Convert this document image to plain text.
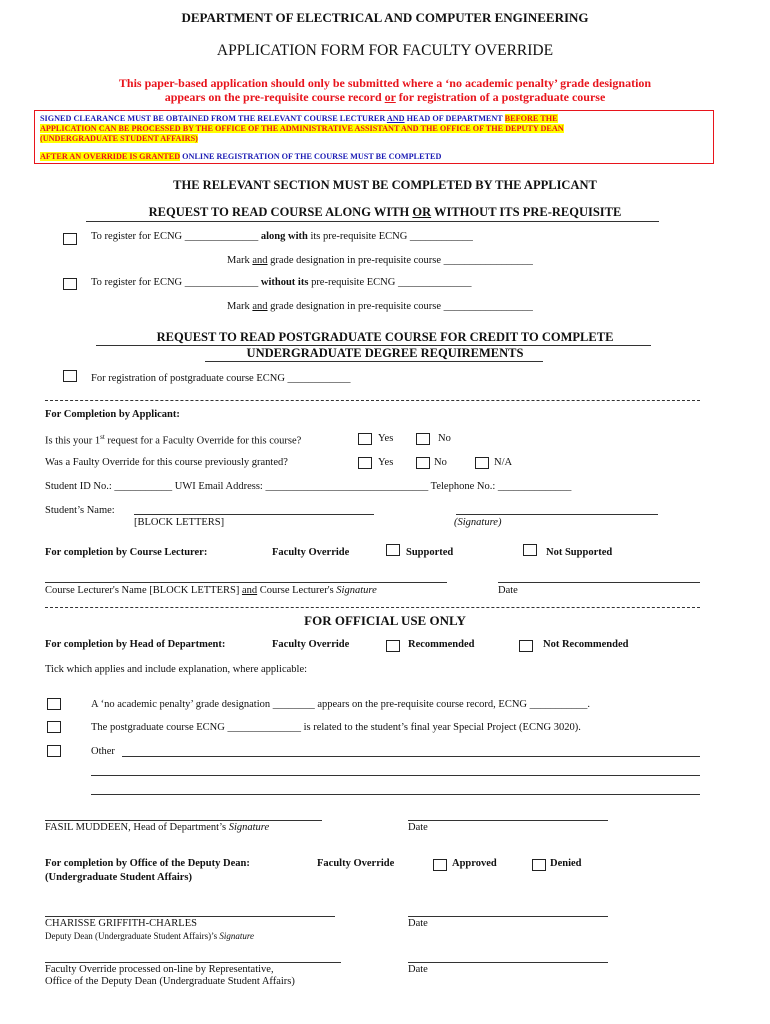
DEPARTMENT OF ELECTRICAL AND COMPUTER ENGINEERING
APPLICATION FORM FOR FACULTY OVERRIDE
This paper-based application should only be submitted where a ‘no academic penalty’ grade designation
appears on the pre-requisite course record or for registration of a postgraduate course
SIGNED CLEARANCE MUST BE OBTAINED FROM THE RELEVANT COURSE LECTURER AND HEAD OF DEPARTMENT BEFORE THE
APPLICATION CAN BE PROCESSED BY THE OFFICE OF THE ADMINISTRATIVE ASSISTANT AND THE OFFICE OF THE DEPUTY DEAN
(UNDERGRADUATE STUDENT AFFAIRS)
AFTER AN OVERRIDE IS GRANTED ONLINE REGISTRATION OF THE COURSE MUST BE COMPLETED
THE RELEVANT SECTION MUST BE COMPLETED BY THE APPLICANT
REQUEST TO READ COURSE ALONG WITH OR WITHOUT ITS PRE-REQUISITE
To register for ECNG ______________ along with its pre-requisite ECNG ____________
Mark and grade designation in pre-requisite course _________________
To register for ECNG ______________ without its pre-requisite ECNG ______________
Mark and grade designation in pre-requisite course _________________
REQUEST TO READ POSTGRADUATE COURSE FOR CREDIT TO COMPLETE
UNDERGRADUATE DEGREE REQUIREMENTS
For registration of postgraduate course ECNG ____________
For Completion by Applicant:
Is this your 1st request for a Faculty Override for this course?	Yes	No
Was a Faulty Override for this course previously granted?	Yes	No	N/A
Student ID No.: ___________ UWI Email Address: _______________________________ Telephone No.: ______________
Student’s Name:
[BLOCK LETTERS]	(Signature)
For completion by Course Lecturer:	Faculty Override	Supported	Not Supported
Course Lecturer's Name [BLOCK LETTERS] and Course Lecturer's Signature	Date
FOR OFFICIAL USE ONLY
For completion by Head of Department:	Faculty Override	Recommended	Not Recommended
Tick which applies and include explanation, where applicable:
A ‘no academic penalty’ grade designation ________ appears on the pre-requisite course record, ECNG ___________.
The postgraduate course ECNG ______________ is related to the student’s final year Special Project (ECNG 3020).
Other
FASIL MUDDEEN, Head of Department’s Signature	Date
For completion by Office of the Deputy Dean:
(Undergraduate Student Affairs)
Faculty Override	Approved	Denied
CHARISSE GRIFFITH-CHARLES
Deputy Dean (Undergraduate Student Affairs)’s Signature
Date
Faculty Override processed on-line by Representative,
Office of the Deputy Dean (Undergraduate Student Affairs)
Date
